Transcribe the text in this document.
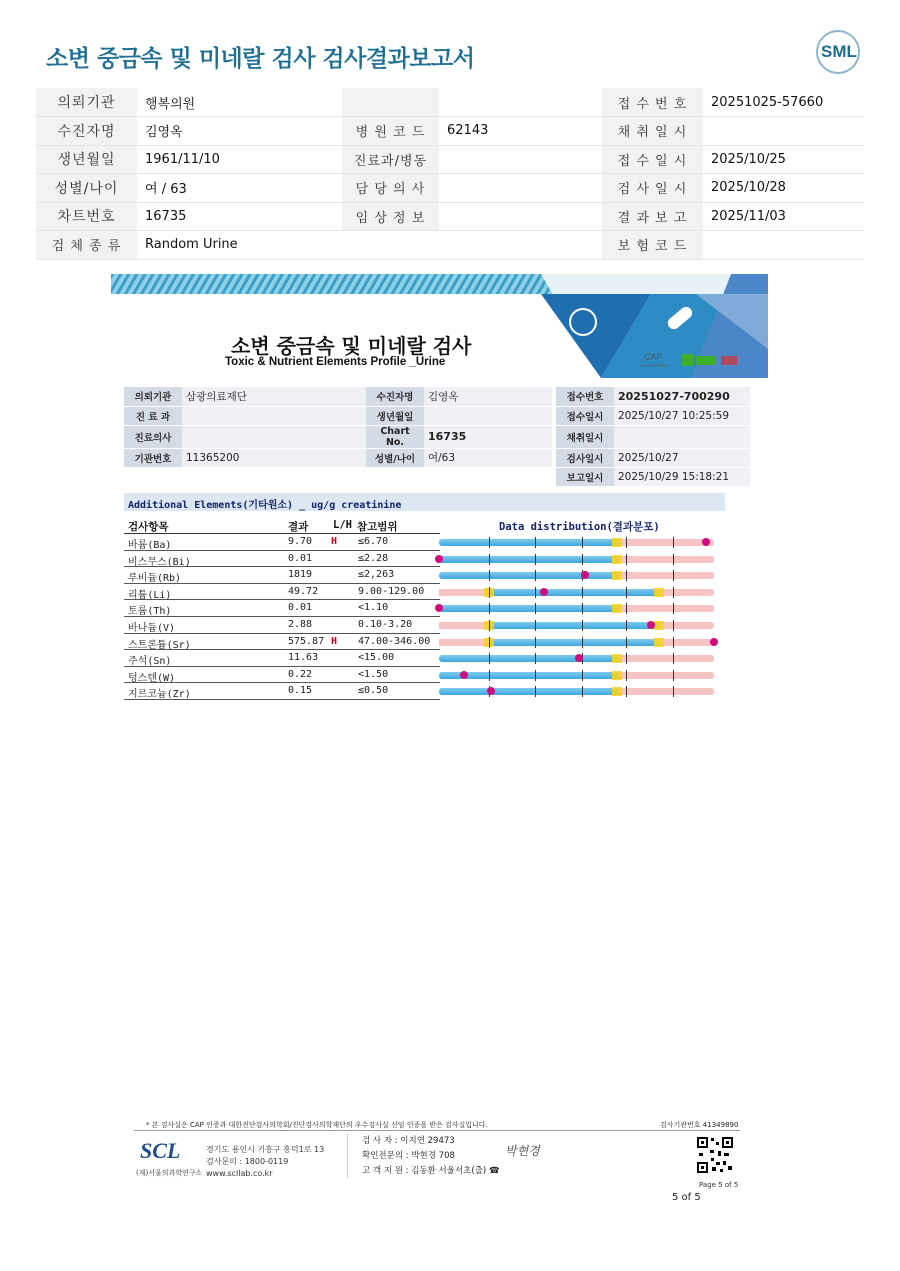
소변 중금속 및 미네랄 검사 검사결과보고서	SML
의뢰기관	행복의원			접 수 번 호	20251025-57660
수진자명	김영옥	병 원 코 드	62143	채 취 일 시	
생년월일	1961/11/10	진료과/병동		접 수 일 시	2025/10/25
성별/나이	여 / 63	담 당 의 사		검 사 일 시	2025/10/28
차트번호	16735	임 상 정 보		결 과 보 고	2025/11/03
검 체 종 류	Random Urine			보 험 코 드	
CAP
ACCREDITED
소변 중금속 및 미네랄 검사
Toxic & Nutrient Elements Profile _Urine
의뢰기관	삼광의료재단	수진자명	김영옥		접수번호	20251027-700290
진 료 과		생년월일			접수일시	2025/10/27 10:25:59
진료의사		Chart No.	16735		채취일시	
기관번호	11365200	성별/나이	여/63		검사일시	2025/10/27
					보고일시	2025/10/29 15:18:21
Additional Elements(기타원소) _ ug/g creatinine
검사항목	결과 L/H 참고범위	Data distribution(결과분포)
바륨(Ba)	9.70 H ≤6.70
비스무스(Bi)	0.01	≤2.28
루비듐(Rb)	1819	≤2,263
리튬(Li)	49.72	9.00-129.00
토륨(Th)	0.01	<1.10
바나듐(V)	2.88	0.10-3.20
스트론튬(Sr)	575.87 H 47.00-346.00
주석(Sn)	11.63	<15.00
텅스텐(W)	0.22	<1.50
지르코늄(Zr)	0.15	≤0.50
* 본 검사실은 CAP 인증과 대한진단검사의학회/진단검사의학재단의 우수검사실 신임 인증을 받은 검사실입니다.	검사기관번호 41349890
SCL
(재)서울의과학연구소
경기도 용인시 기흥구 흥덕1로 13
검사문의 : 1800-0119
www.scllab.co.kr
검 사 자 : 이지연 29473
확인전문의 : 박현경 708
고 객 지 원 : 김동환 서울서초(출) ☎
박현경
Page 5 of 5
5 of 5
